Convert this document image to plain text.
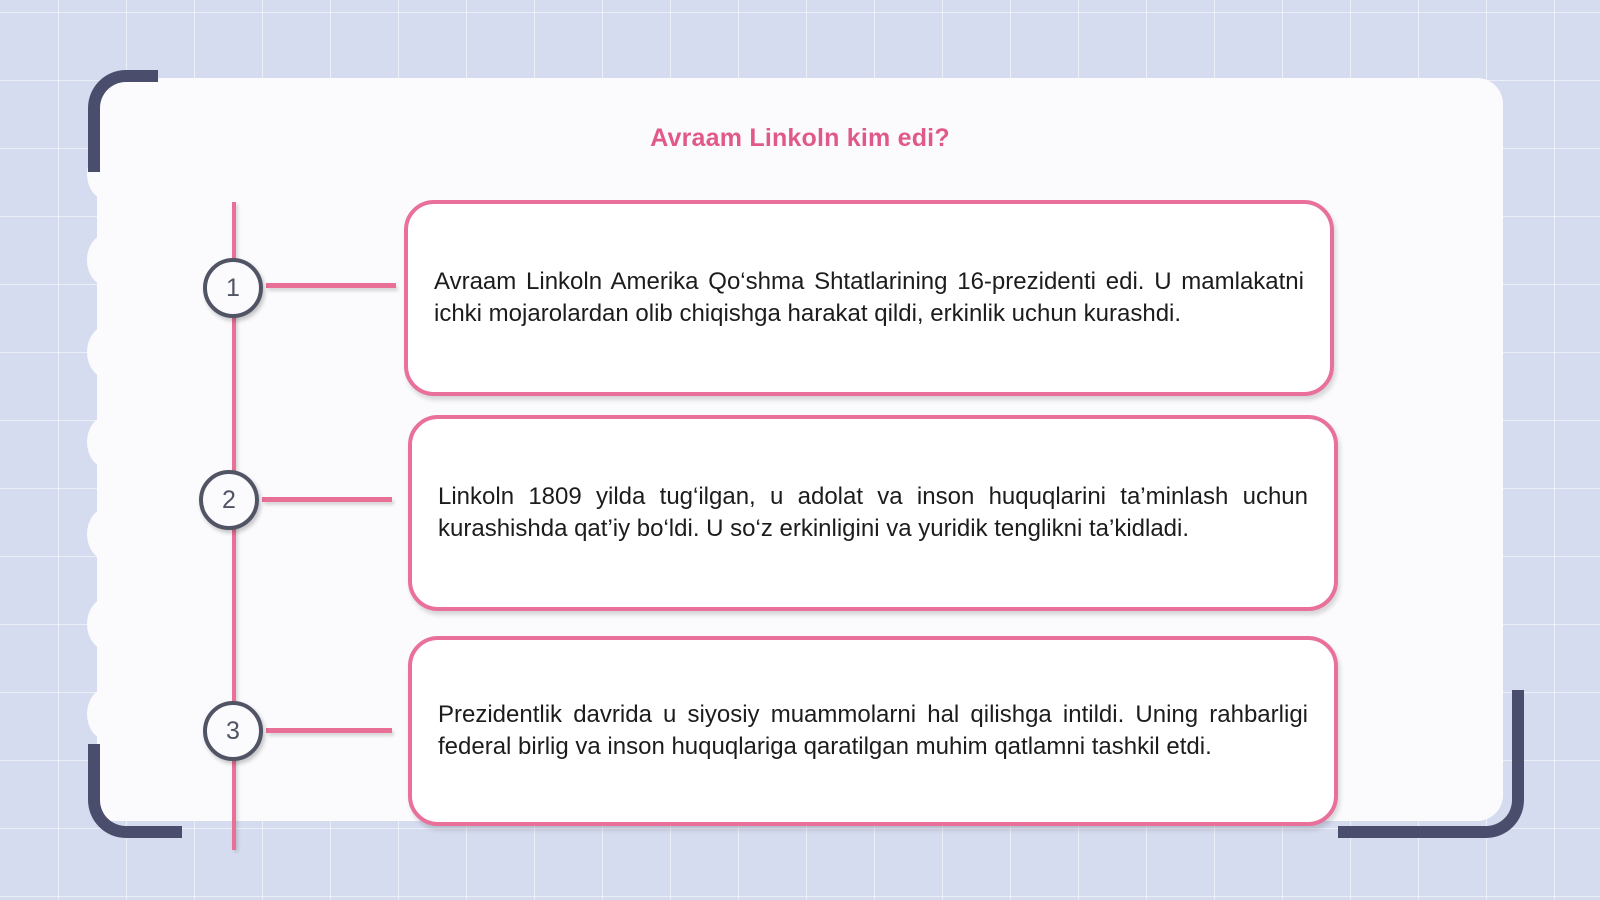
Avraam Linkoln kim edi?
1
2
3

Avraam Linkoln Amerika Qo‘shma Shtatlarining 16-prezidenti edi. U mamlakatni ichki mojarolardan olib chiqishga harakat qildi, erkinlik uchun kurashdi.

Linkoln 1809 yilda tug‘ilgan, u adolat va inson huquqlarini ta’minlash uchun kurashishda qat’iy bo‘ldi. U so‘z erkinligini va yuridik tenglikni ta’kidladi.

Prezidentlik davrida u siyosiy muammolarni hal qilishga intildi. Uning rahbarligi federal birlig va inson huquqlariga qaratilgan muhim qatlamni tashkil etdi.
